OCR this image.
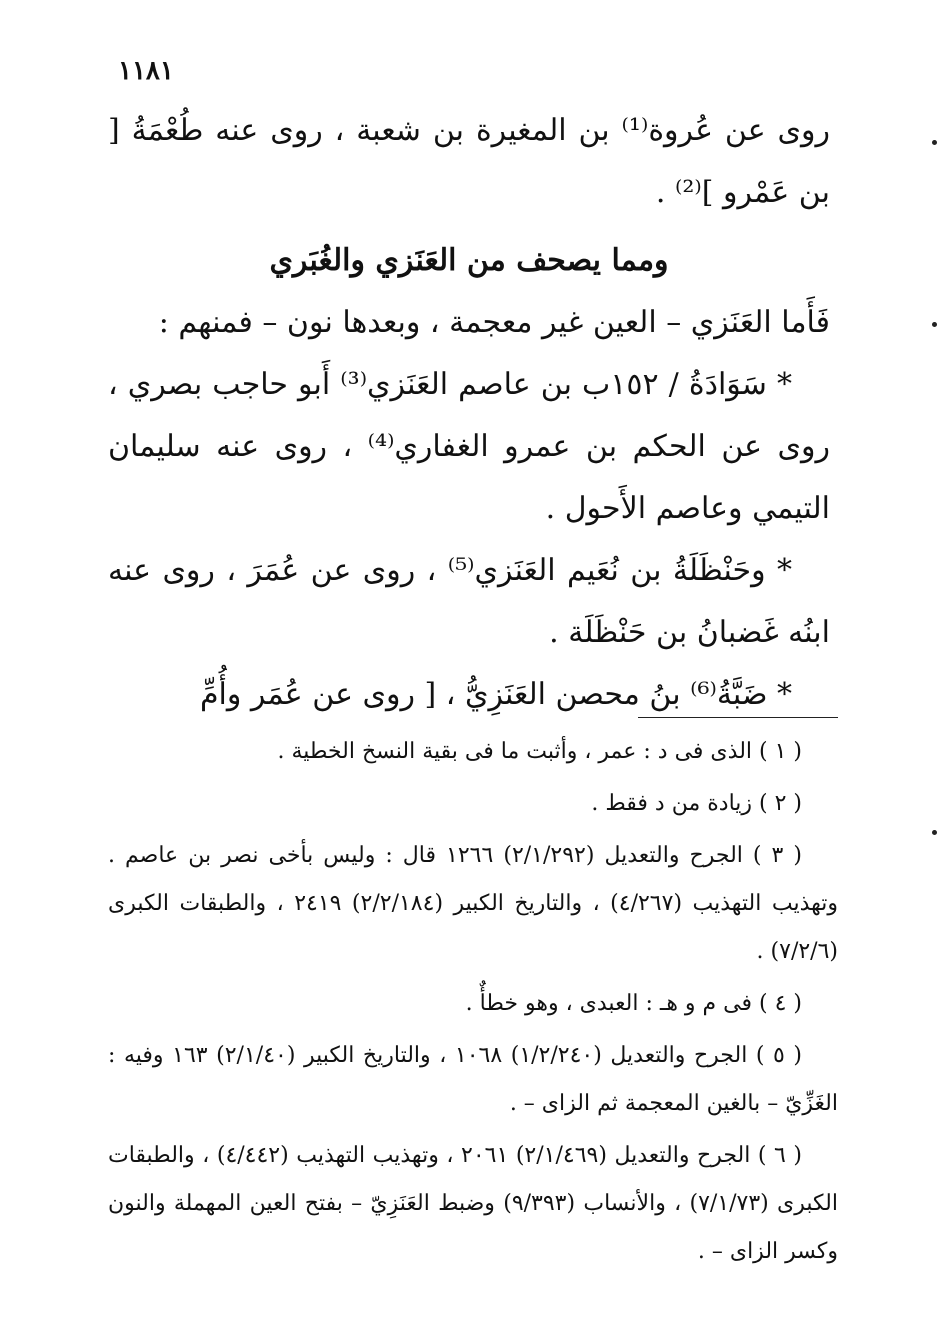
١١٨١

روى عن عُروة⁽¹⁾ بن المغيرة بن شعبة ، روى عنه طُعْمَةُ [ بن عَمْرو ]⁽²⁾ .

ومما يصحف من العَنَزي والغُبَري

فَأَما العَنَزي – العين غير معجمة ، وبعدها نون – فمنهم :

* سَوَادَةُ / ١٥٢ب بن عاصم العَنَزي⁽³⁾ أَبو حاجب بصري ، روى عن الحكم بن عمرو الغفاري⁽⁴⁾ ، روى عنه سليمان التيمي وعاصم الأَحول .

* وحَنْظَلَةُ بن نُعَيم العَنَزي⁽⁵⁾ ، روى عن عُمَرَ ، روى عنه ابنُه غَضبانُ بن حَنْظَلَة .

* ضَبَّةُ⁽⁶⁾ بنُ محصن العَنَزِيُّ ، [ روى عن عُمَر وأُمِّ

( ١ ) الذى فى د : عمر ، وأثبت ما فى بقية النسخ الخطية .

( ٢ ) زيادة من د فقط .

( ٣ ) الجرح والتعديل (٢/١/٢٩٢) ١٢٦٦ قال : وليس بأخى نصر بن عاصم . وتهذيب التهذيب (٤/٢٦٧) ، والتاريخ الكبير (٢/٢/١٨٤) ٢٤١٩ ، والطبقات الكبرى (٧/٢/٦) .

( ٤ ) فى م و هـ : العبدى ، وهو خطأٌ .

( ٥ ) الجرح والتعديل (١/٢/٢٤٠) ١٠٦٨ ، والتاريخ الكبير (٢/١/٤٠) ١٦٣ وفيه : الغَزِّيّ – بالغين المعجمة ثم الزاى – .

( ٦ ) الجرح والتعديل (٢/١/٤٦٩) ٢٠٦١ ، وتهذيب التهذيب (٤/٤٤٢) ، والطبقات الكبرى (٧/١/٧٣) ، والأنساب (٩/٣٩٣) وضبط العَنَزِيّ – بفتح العين المهملة والنون وكسر الزاى – .
